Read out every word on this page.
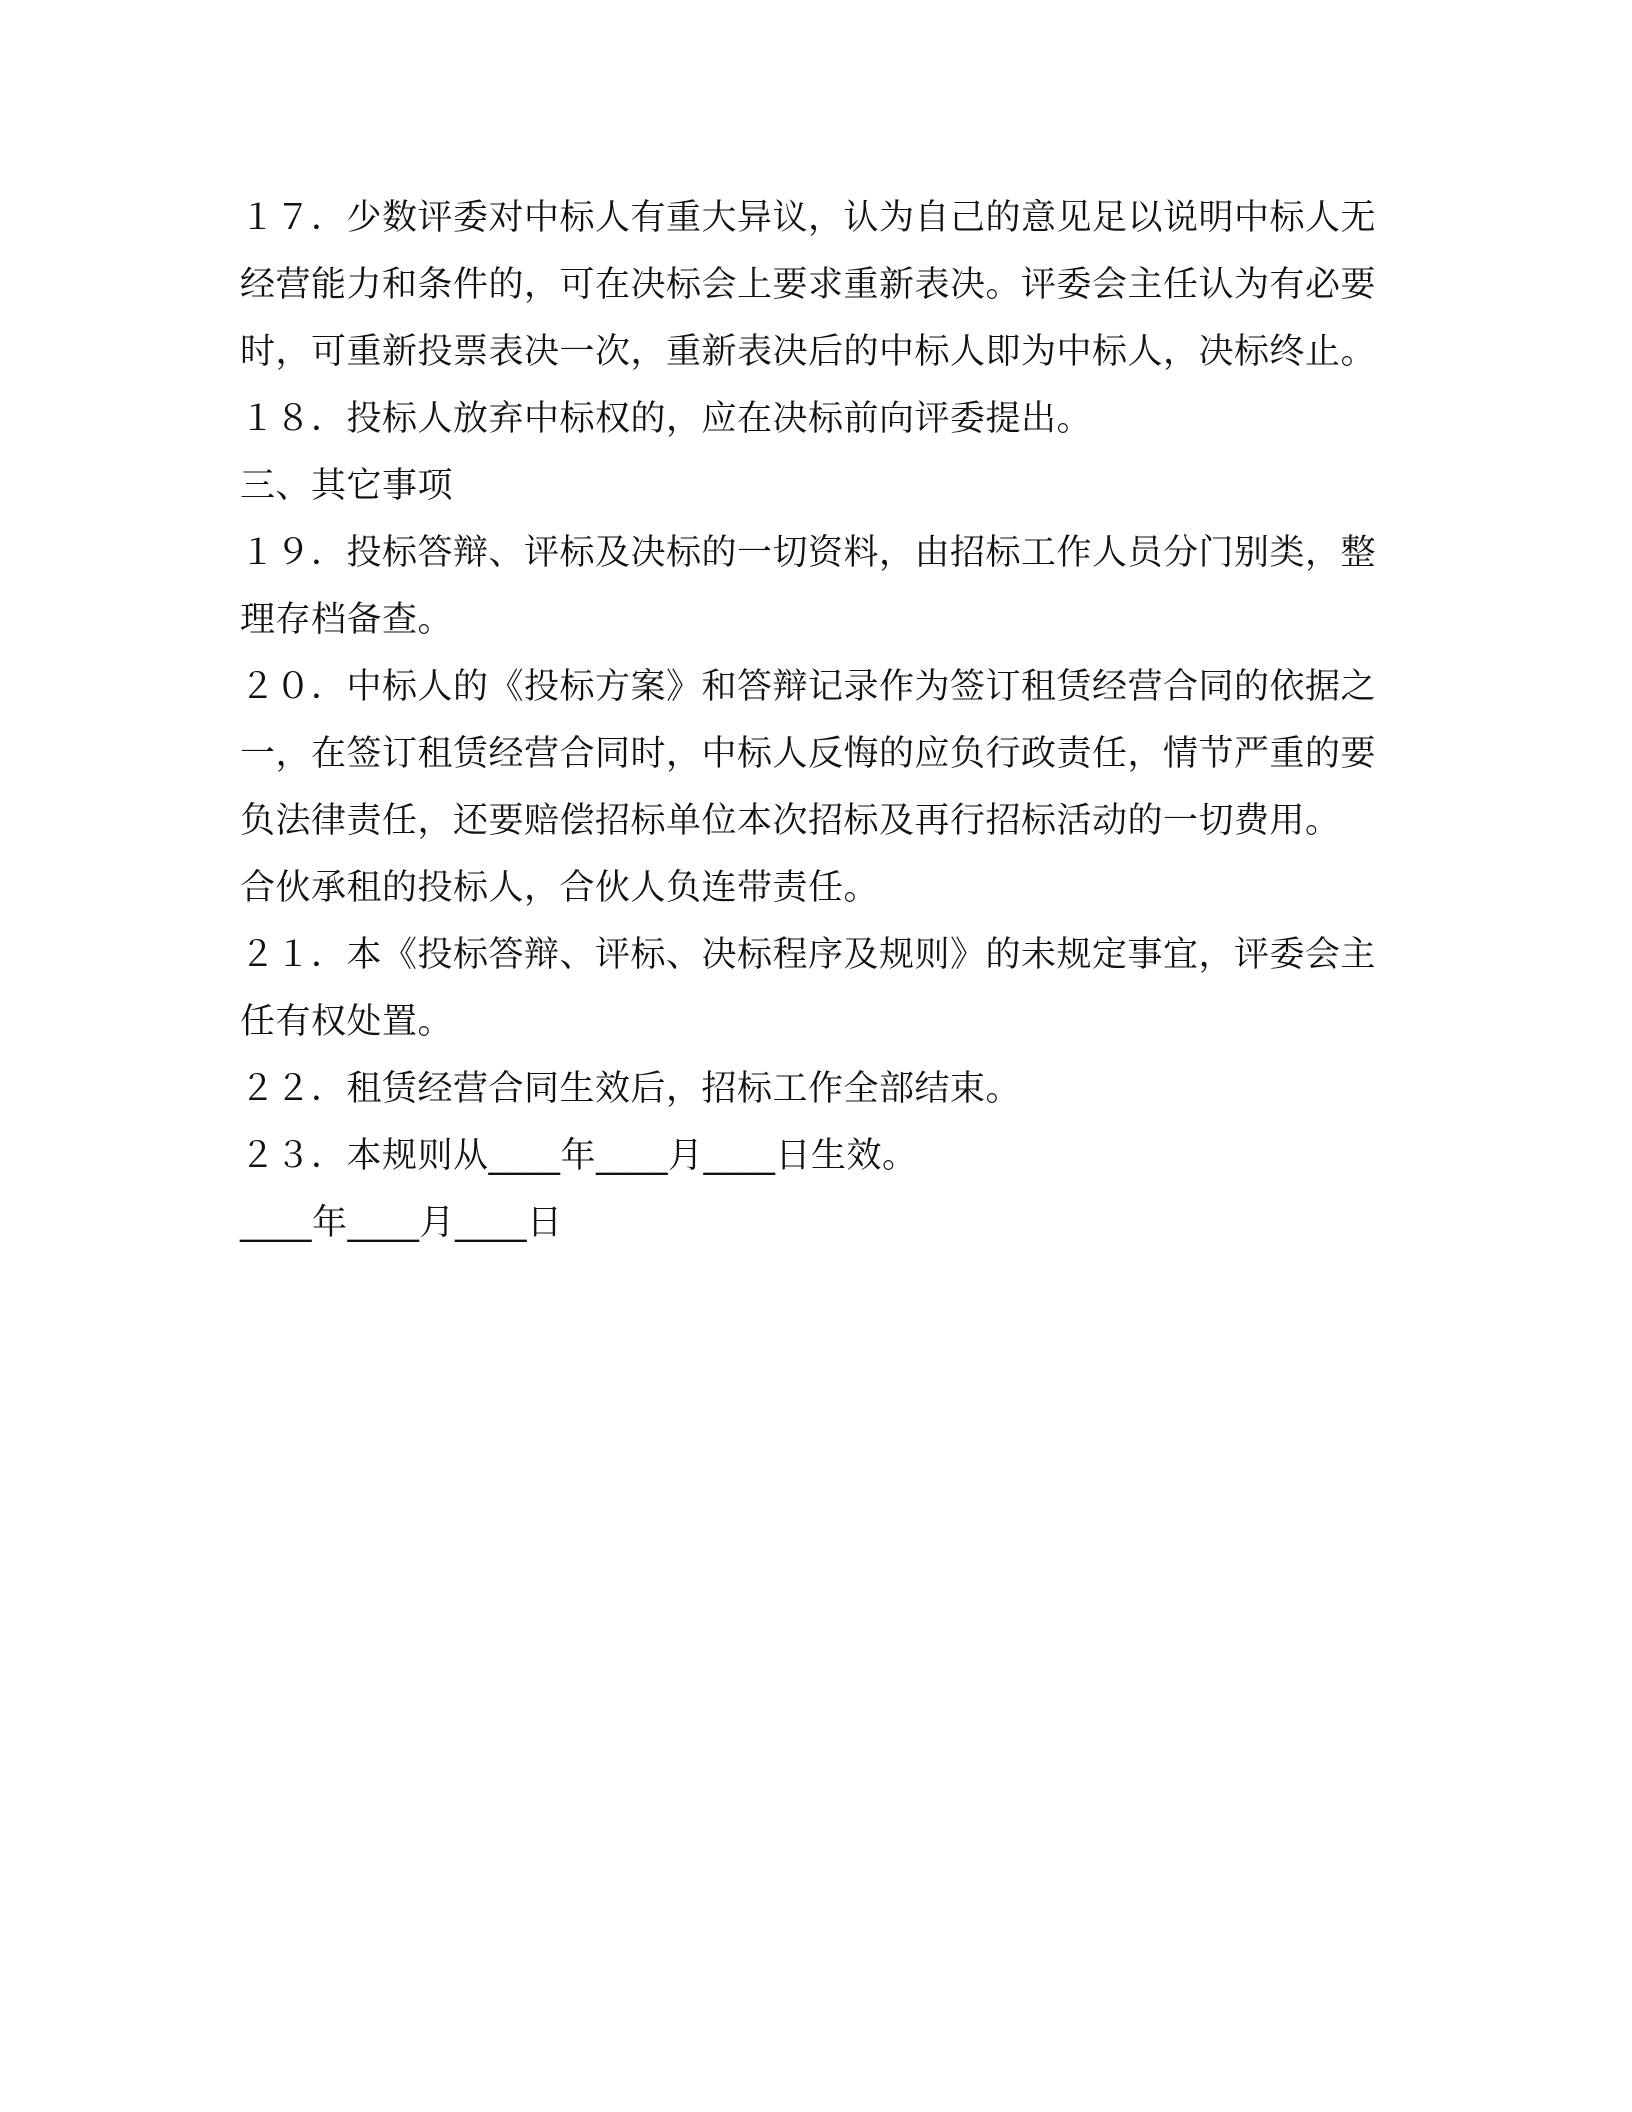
１７．少数评委对中标人有重大异议，认为自己的意见足以说明中标人无经营能力和条件的，可在决标会上要求重新表决。评委会主任认为有必要时，可重新投票表决一次，重新表决后的中标人即为中标人，决标终止。

１８．投标人放弃中标权的，应在决标前向评委提出。

三、其它事项

１９．投标答辩、评标及决标的一切资料，由招标工作人员分门别类，整理存档备查。

２０．中标人的《投标方案》和答辩记录作为签订租赁经营合同的依据之一，在签订租赁经营合同时，中标人反悔的应负行政责任，情节严重的要负法律责任，还要赔偿招标单位本次招标及再行招标活动的一切费用。

合伙承租的投标人，合伙人负连带责任。

２１．本《投标答辩、评标、决标程序及规则》的未规定事宜，评委会主任有权处置。

２２．租赁经营合同生效后，招标工作全部结束。

２３．本规则从____年____月____日生效。

____年____月____日
